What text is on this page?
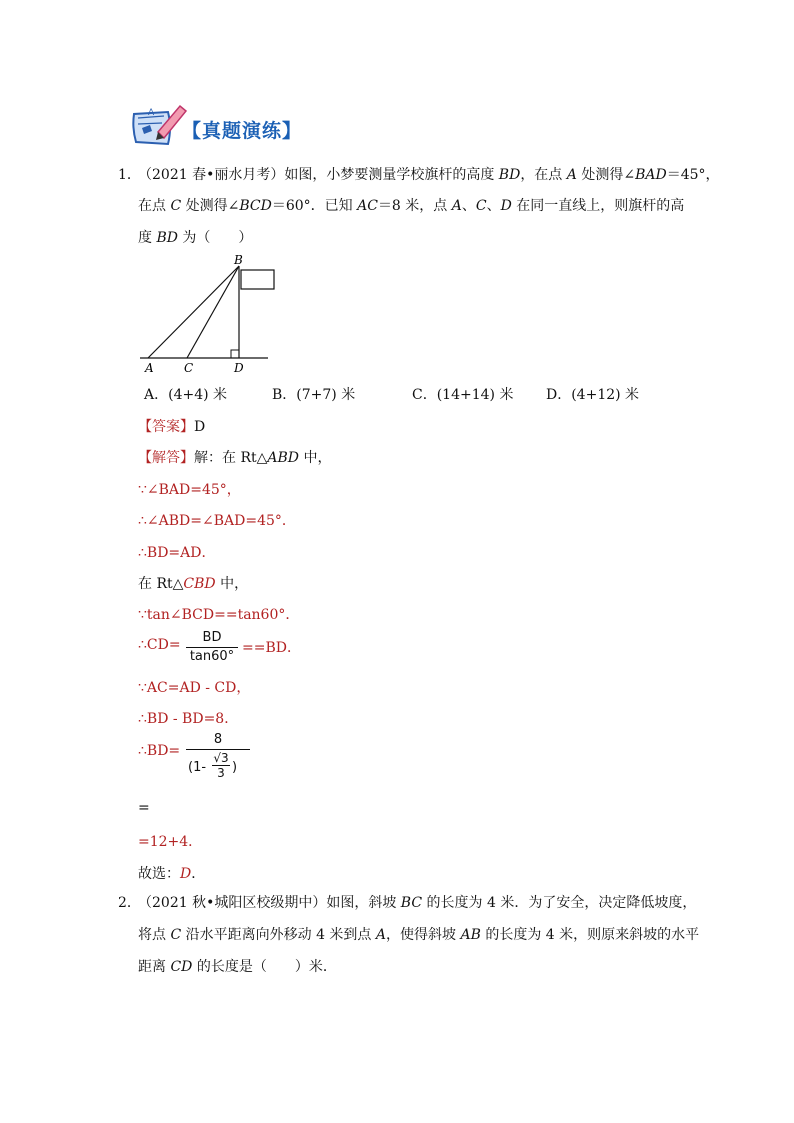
A
【真题演练】
1．
（2021 春•丽水月考）如图，小梦要测量学校旗杆的高度 BD，在点 A 处测得∠BAD＝45°，
在点 C 处测得∠BCD＝60°．已知 AC＝8 米，点 A、C、D 在同一直线上，则旗杆的高
度 BD 为（　　）
B
A	C	D
A．(4+4) 米	B．(7+7) 米	C．(14+14) 米 D．(4+12) 米
【答案】D
【解答】解：在 Rt△ABD 中，
∵∠BAD=45°，
∴∠ABD=∠BAD=45°．
∴BD=AD．
在 Rt△CBD 中，
∵tan∠BCD==tan60°．
∴CD=	BD
tan60°
==BD．
∵AC=AD - CD，
∴BD - BD=8．
∴BD=
8
(1-
√3
3 )
=
=12+4．
故选：D．
2．
（2021 秋•城阳区校级期中）如图，斜坡 BC 的长度为 4 米．为了安全，决定降低坡度，
将点 C 沿水平距离向外移动 4 米到点 A，使得斜坡 AB 的长度为 4 米，则原来斜坡的水平
距离 CD 的长度是（　　）米．
